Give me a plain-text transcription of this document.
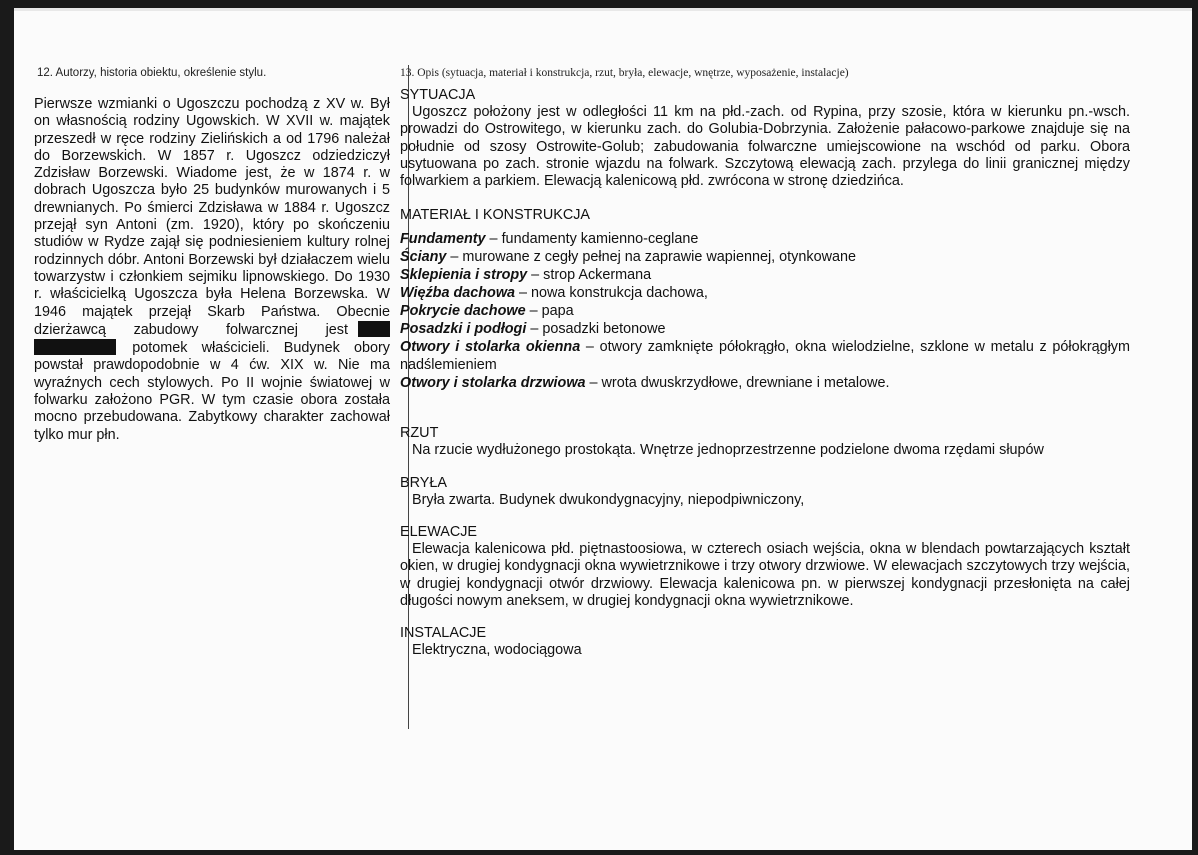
12. Autorzy, historia obiektu, określenie stylu.

Pierwsze wzmianki o Ugoszczu pochodzą z XV w. Był on własnością rodziny Ugowskich. W XVII w. majątek przeszedł w ręce rodziny Zielińskich a od 1796 należał do Borzewskich. W 1857 r. Ugoszcz odziedziczył Zdzisław Borzewski. Wiadome jest, że w 1874 r. w dobrach Ugoszcza było 25 budynków murowanych i 5 drewnianych. Po śmierci Zdzisława w 1884 r. Ugoszcz przejął syn Antoni (zm. 1920), który po skończeniu studiów w Rydze zajął się podniesieniem kultury rolnej rodzinnych dóbr. Antoni Borzewski był działaczem wielu towarzystw i członkiem sejmiku lipnowskiego. Do 1930 r. właścicielką Ugoszcza była Helena Borzewska. W 1946 majątek przejął Skarb Państwa. Obecnie dzierżawcą zabudowy folwarcznej jest  potomek właścicieli. Budynek obory powstał prawdopodobnie w 4 ćw. XIX w. Nie ma wyraźnych cech stylowych. Po II wojnie światowej w folwarku założono PGR. W tym czasie obora została mocno przebudowana. Zabytkowy charakter zachował tylko mur płn.

13. Opis (sytuacja, materiał i konstrukcja, rzut, bryła, elewacje, wnętrze, wyposażenie, instalacje)

SYTUACJA

Ugoszcz położony jest w odległości 11 km na płd.-zach. od Rypina, przy szosie, która w kierunku pn.-wsch. prowadzi do Ostrowitego, w kierunku zach. do Golubia-Dobrzynia. Założenie pałacowo-parkowe znajduje się na południe od szosy Ostrowite-Golub; zabudowania folwarczne umiejscowione na wschód od parku. Obora usytuowana po zach. stronie wjazdu na folwark. Szczytową elewacją zach. przylega do linii granicznej między folwarkiem a parkiem. Elewacją kalenicową płd. zwrócona w stronę dziedzińca.

MATERIAŁ I KONSTRUKCJA

Fundamenty – fundamenty kamienno-ceglane

Ściany – murowane z cegły pełnej na zaprawie wapiennej, otynkowane

Sklepienia i stropy – strop Ackermana

Więźba dachowa – nowa konstrukcja dachowa,

Pokrycie dachowe – papa

Posadzki i podłogi – posadzki betonowe

Otwory i stolarka okienna – otwory zamknięte półokrągło, okna wielodzielne, szklone w metalu z półokrągłym nadślemieniem

Otwory i stolarka drzwiowa – wrota dwuskrzydłowe, drewniane i metalowe.

RZUT

Na rzucie wydłużonego prostokąta. Wnętrze jednoprzestrzenne podzielone dwoma rzędami słupów

BRYŁA

Bryła zwarta. Budynek dwukondygnacyjny, niepodpiwniczony,

ELEWACJE

Elewacja kalenicowa płd. piętnastoosiowa, w czterech osiach wejścia, okna w blendach powtarzających kształt okien, w drugiej kondygnacji okna wywietrznikowe i trzy otwory drzwiowe. W elewacjach szczytowych trzy wejścia, w drugiej kondygnacji otwór drzwiowy. Elewacja kalenicowa pn. w pierwszej kondygnacji przesłonięta na całej długości nowym aneksem, w drugiej kondygnacji okna wywietrznikowe.

INSTALACJE

Elektryczna, wodociągowa
